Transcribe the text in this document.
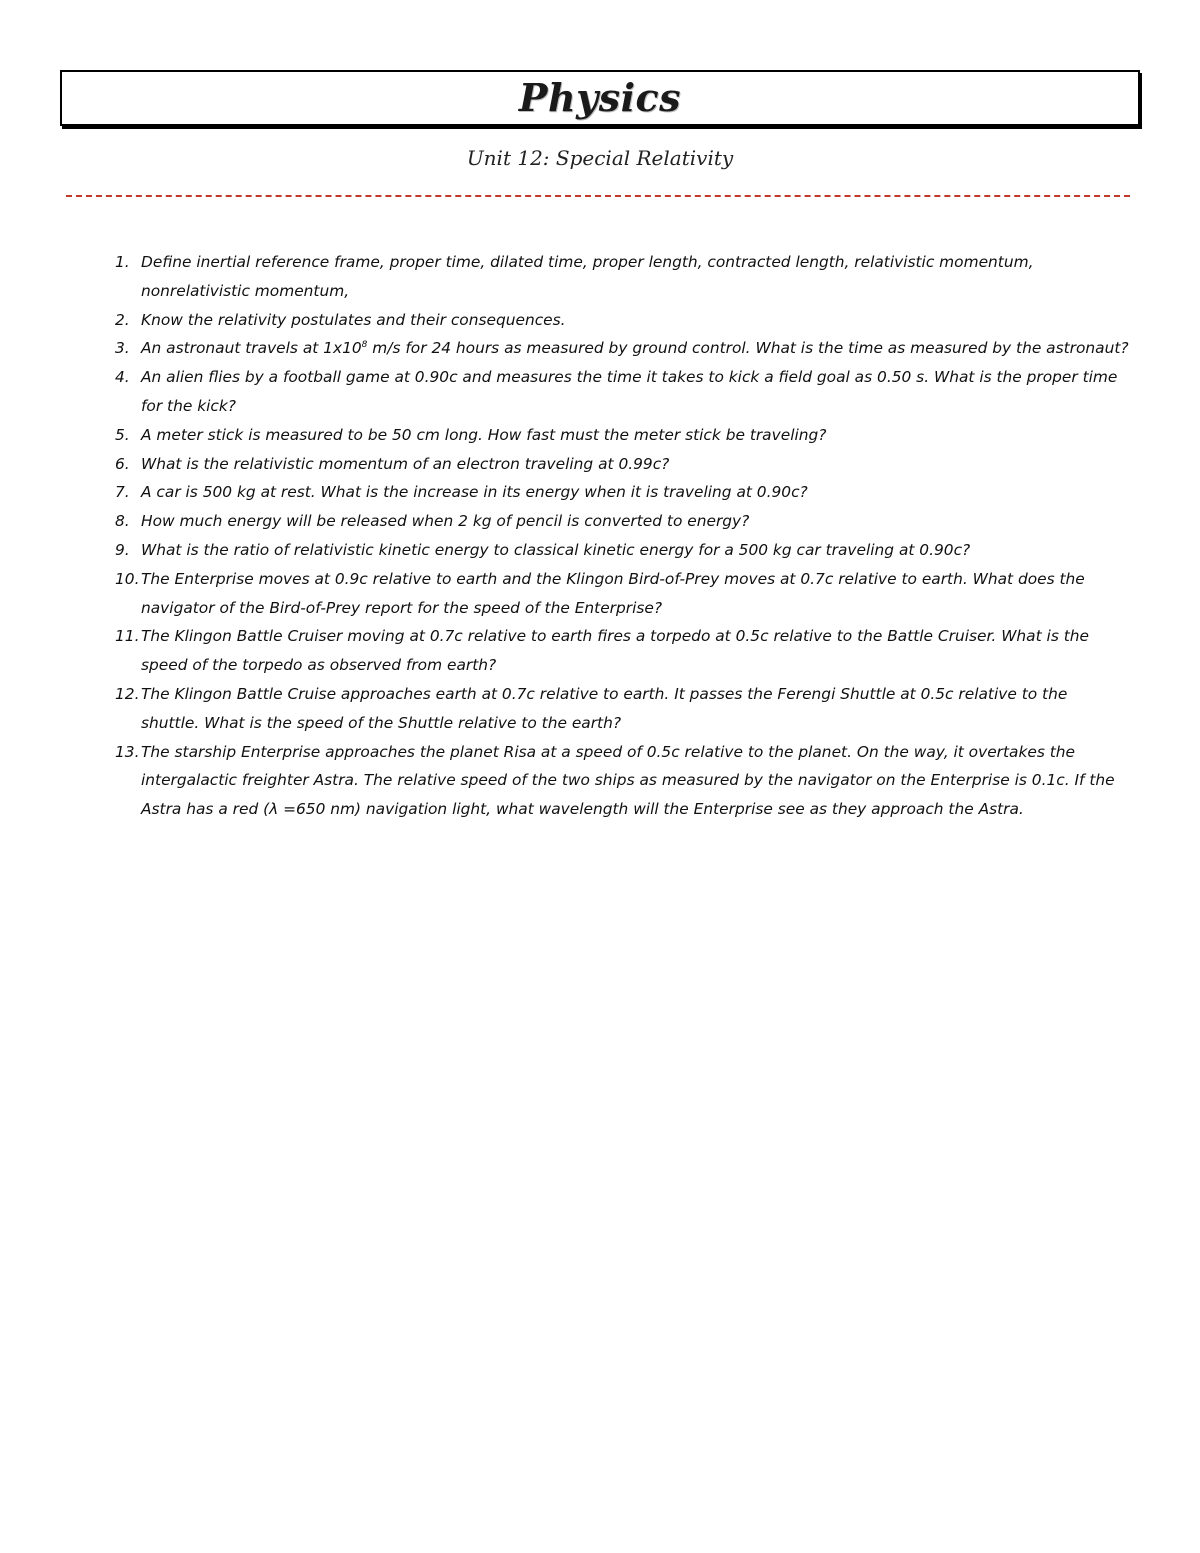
Physics
Unit 12: Special Relativity
1. Define inertial reference frame, proper time, dilated time, proper length, contracted length, relativistic momentum, nonrelativistic momentum,
2. Know the relativity postulates and their consequences.
3. An astronaut travels at $1x10^8$ m/s for 24 hours as measured by ground control. What is the time as measured by the astronaut?
4. An alien flies by a football game at 0.90c and measures the time it takes to kick a field goal as 0.50 s. What is the proper time for the kick?
5. A meter stick is measured to be 50 cm long. How fast must the meter stick be traveling?
6. What is the relativistic momentum of an electron traveling at 0.99c?
7. A car is 500 kg at rest. What is the increase in its energy when it is traveling at 0.90c?
8. How much energy will be released when 2 kg of pencil is converted to energy?
9. What is the ratio of relativistic kinetic energy to classical kinetic energy for a 500 kg car traveling at 0.90c?
10. The Enterprise moves at 0.9c relative to earth and the Klingon Bird-of-Prey moves at 0.7c relative to earth. What does the navigator of the Bird-of-Prey report for the speed of the Enterprise?
11. The Klingon Battle Cruiser moving at 0.7c relative to earth fires a torpedo at 0.5c relative to the Battle Cruiser. What is the speed of the torpedo as observed from earth?
12. The Klingon Battle Cruise approaches earth at 0.7c relative to earth. It passes the Ferengi Shuttle at 0.5c relative to the shuttle. What is the speed of the Shuttle relative to the earth?
13. The starship Enterprise approaches the planet Risa at a speed of 0.5c relative to the planet. On the way, it overtakes the intergalactic freighter Astra. The relative speed of the two ships as measured by the navigator on the Enterprise is 0.1c. If the Astra has a red (λ =650 nm) navigation light, what wavelength will the Enterprise see as they approach the Astra.
